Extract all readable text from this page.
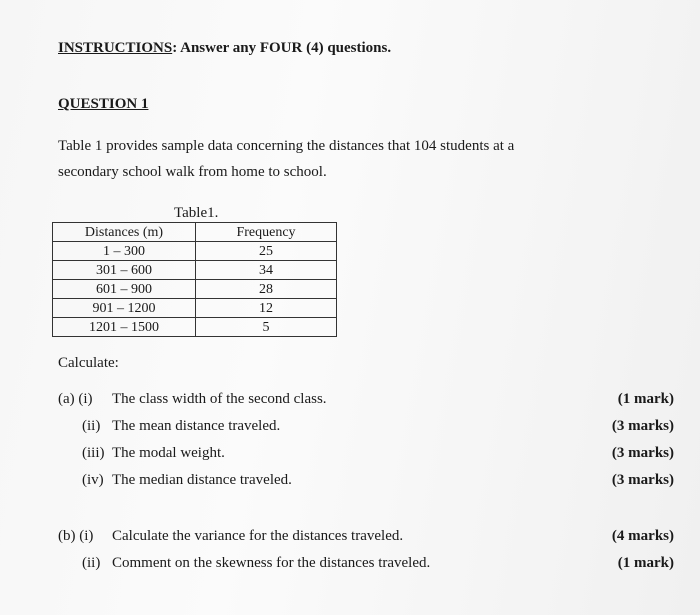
INSTRUCTIONS: Answer any FOUR (4) questions.
QUESTION 1
Table 1 provides sample data concerning the distances that 104 students at a
secondary school walk from home to school.
Table1.
Distances (m)	Frequency
1 – 300	25
301 – 600	34
601 – 900	28
901 – 1200	12
1201 – 1500	5
Calculate:
(a) (i) The class width of the second class.	(1 mark)
(ii) The mean distance traveled.	(3 marks)
(iii) The modal weight.	(3 marks)
(iv) The median distance traveled.	(3 marks)
(b) (i) Calculate the variance for the distances traveled.	(4 marks)
(ii) Comment on the skewness for the distances traveled.	(1 mark)
